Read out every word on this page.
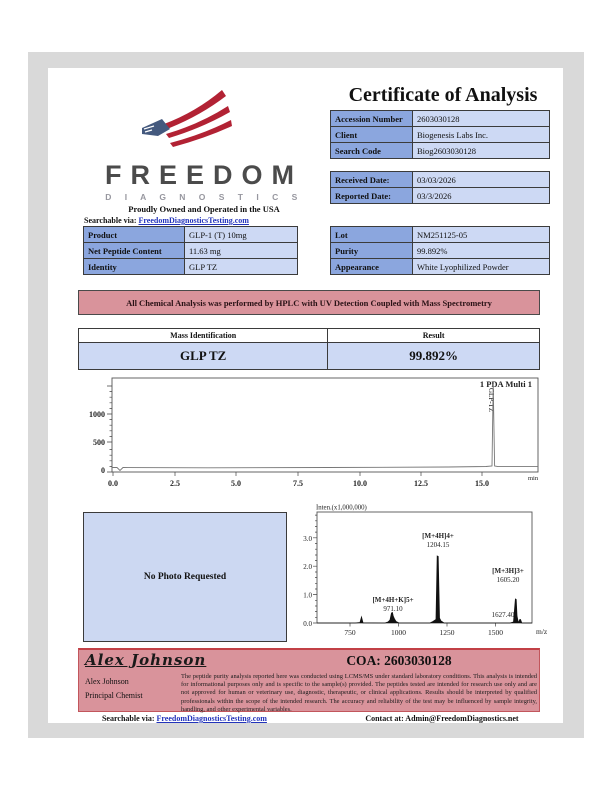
FREEDOM
D I A G N O S T I C S
Proudly Owned and Operated in the USA
Searchable via: FreedomDiagnosticsTesting.com
Certificate of Analysis
Accession Number	2603030128
Client	Biogenesis Labs Inc.
Search Code	Biog2603030128
Received Date:	03/03/2026
Reported Date:	03/3/2026
Product	GLP-1 (T) 10mg
Net Peptide Content	11.63 mg
Identity	GLP TZ
Lot	NM251125-05
Purity	99.892%
Appearance	White Lyophilized Powder
All Chemical Analysis was performed by HPLC with UV Detection Coupled with Mass Spectrometry
Mass Identification	Result
GLP TZ	99.892%
1000
500
0
0.0	2.5	5.0	7.5	10.0	12.5	15.0
min
1 PDA Multi 1
GLP-TZ
No Photo Requested
Inten.(x1,000,000)
0.0
1.0
2.0
3.0
750	1000	1250	1500	m/z
[M+4H]4+
1204.15
[M+3H]3+
1605.20
[M+4H+K]5+
971.10
1627.40
Alex Johnson	COA: 2603030128
Alex Johnson
Principal Chemist
The peptide purity analysis reported here was conducted using LCMS/MS under standard laboratory conditions. This analysis is intended for informational purposes only and is specific to the sample(s) provided. The peptides tested are intended for research use only and are not approved for human or veterinary use, diagnostic, therapeutic, or clinical applications. Results should be interpreted by qualified professionals within the scope of the intended research. The accuracy and reliability of the test may be influenced by sample integrity, handling, and other experimental variables.
Searchable via: FreedomDiagnosticsTesting.com	Contact at: Admin@FreedomDiagnostics.net
